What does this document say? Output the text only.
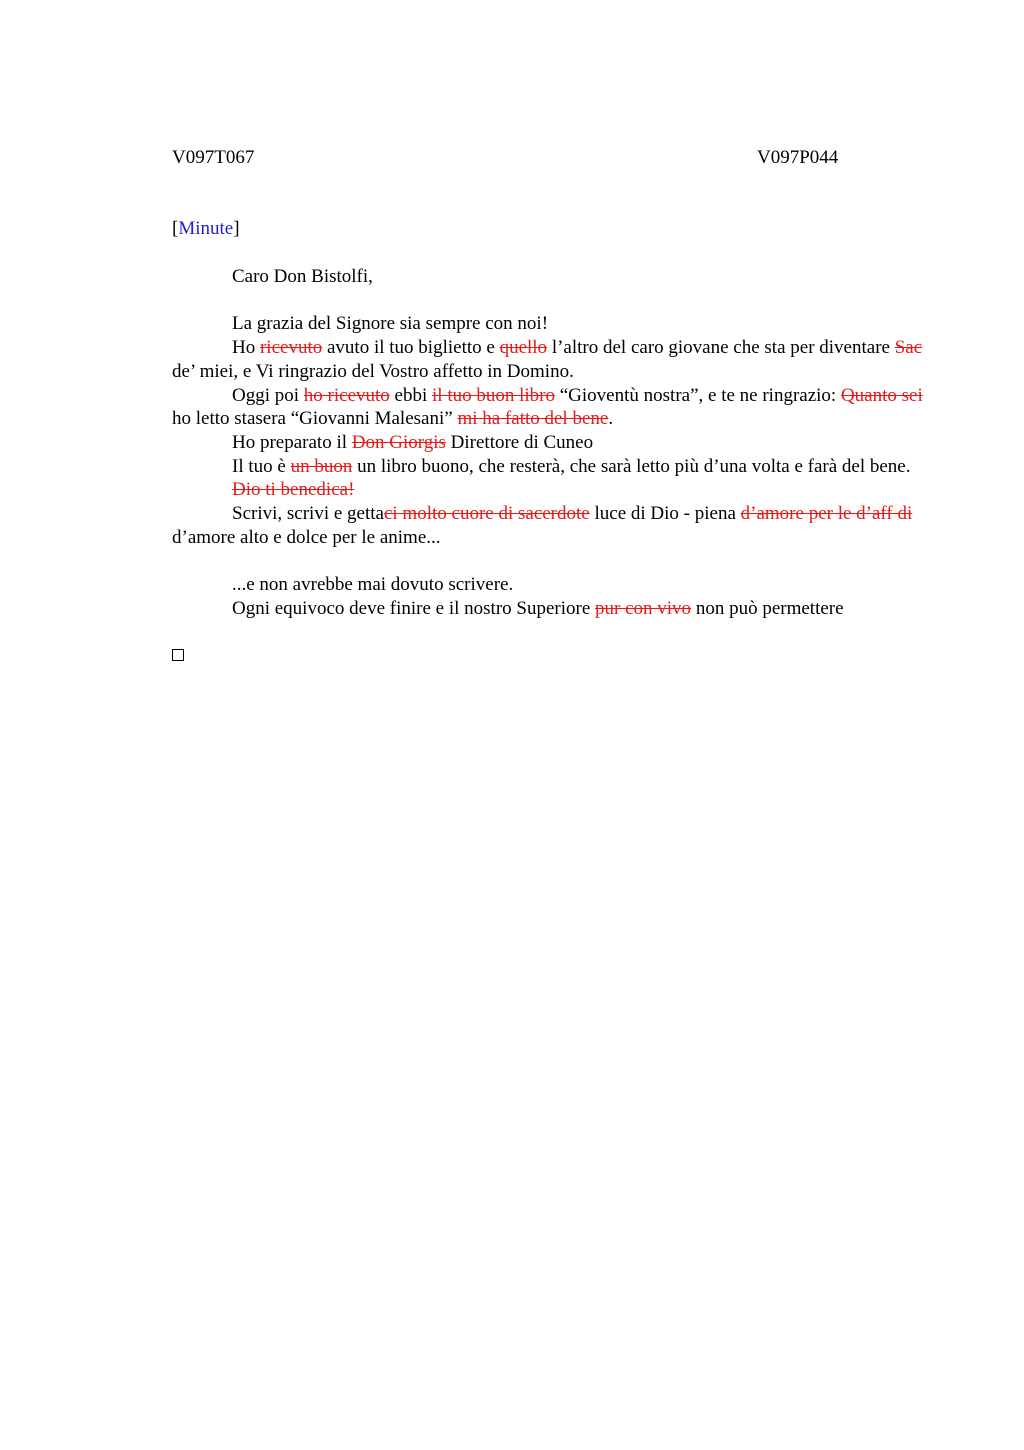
V097T067	V097P044
[Minute]

Caro Don Bistolfi,

La grazia del Signore sia sempre con noi!

Ho ricevuto avuto il tuo biglietto e quello l’altro del caro giovane che sta per diventare Sac de’ miei, e Vi ringrazio del Vostro affetto in Domino.

Oggi poi ho ricevuto ebbi il tuo buon libro “Gioventù nostra”, e te ne ringrazio: Quanto sei ho letto stasera “Giovanni Malesani” mi ha fatto del bene.

Ho preparato il Don Giorgis Direttore di Cuneo

Il tuo è un buon un libro buono, che resterà, che sarà letto più d’una volta e farà del bene.

Dio ti benedica!

Scrivi, scrivi e gettaci molto cuore di sacerdote luce di Dio - piena d’amore per le d’aff di d’amore alto e dolce per le anime...

...e non avrebbe mai dovuto scrivere.

Ogni equivoco deve finire e il nostro Superiore pur con vivo non può permettere
